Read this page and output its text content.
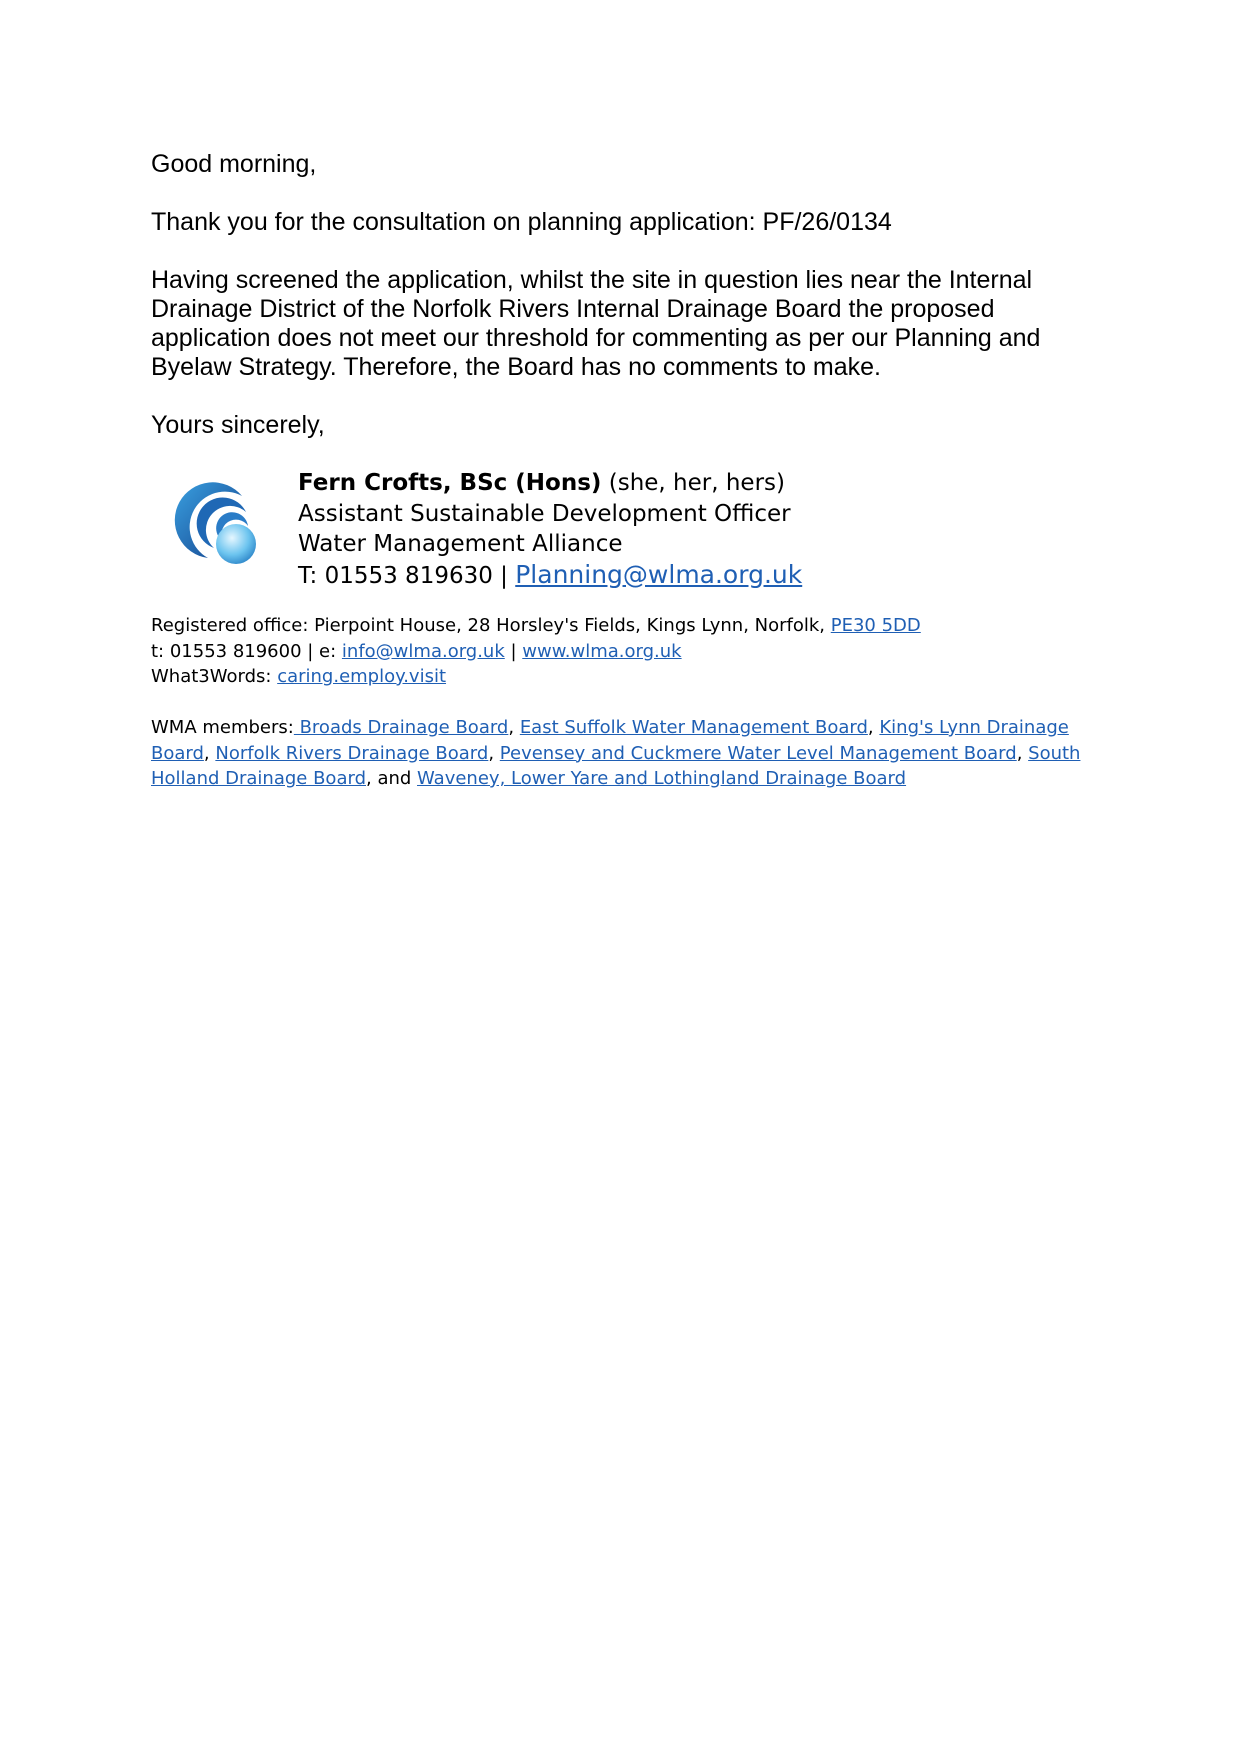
Good morning,
Thank you for the consultation on planning application: PF/26/0134
Having screened the application, whilst the site in question lies near the Internal Drainage District of the Norfolk Rivers Internal Drainage Board the proposed application does not meet our threshold for commenting as per our Planning and Byelaw Strategy. Therefore, the Board has no comments to make.
Yours sincerely,
Fern Crofts, BSc (Hons) (she, her, hers)
Assistant Sustainable Development Officer
Water Management Alliance
T: 01553 819630 | Planning@wlma.org.uk
Registered office: Pierpoint House, 28 Horsley's Fields, Kings Lynn, Norfolk, PE30 5DD
t: 01553 819600 | e: info@wlma.org.uk | www.wlma.org.uk
What3Words: caring.employ.visit
WMA members: Broads Drainage Board, East Suffolk Water Management Board, King's Lynn Drainage Board, Norfolk Rivers Drainage Board, Pevensey and Cuckmere Water Level Management Board, South Holland Drainage Board, and Waveney, Lower Yare and Lothingland Drainage Board
